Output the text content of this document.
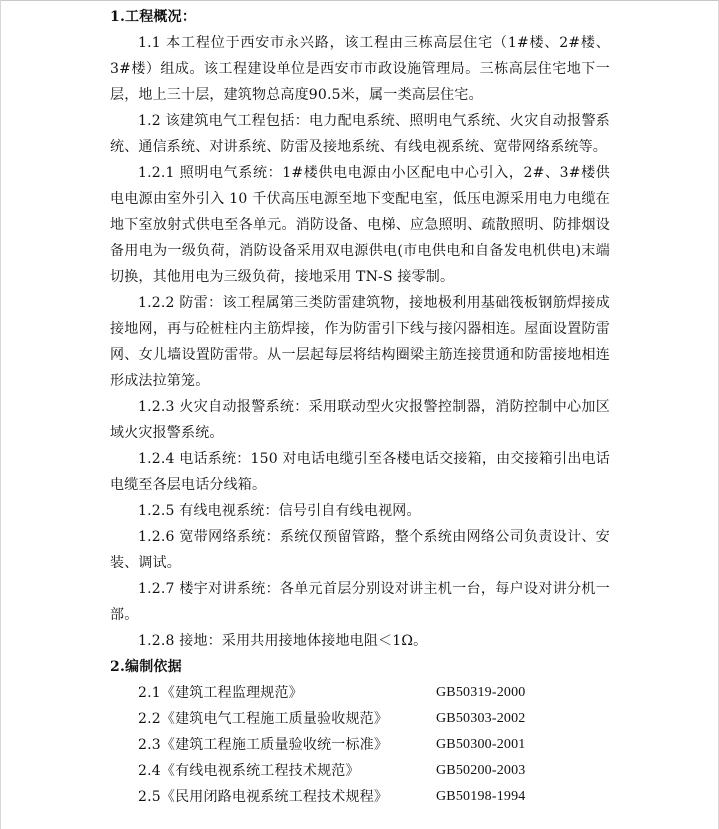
1.工程概况：

1.1 本工程位于西安市永兴路，该工程由三栋高层住宅（1#楼、2#楼、3#楼）组成。该工程建设单位是西安市市政设施管理局。三栋高层住宅地下一层，地上三十层，建筑物总高度90.5米，属一类高层住宅。

1.2 该建筑电气工程包括：电力配电系统、照明电气系统、火灾自动报警系统、通信系统、对讲系统、防雷及接地系统、有线电视系统、宽带网络系统等。

1.2.1 照明电气系统：1#楼供电电源由小区配电中心引入，2#、3#楼供电电源由室外引入 10 千伏高压电源至地下变配电室，低压电源采用电力电缆在地下室放射式供电至各单元。消防设备、电梯、应急照明、疏散照明、防排烟设备用电为一级负荷，消防设备采用双电源供电(市电供电和自备发电机供电)末端切换，其他用电为三级负荷，接地采用 TN-S 接零制。

1.2.2 防雷：该工程属第三类防雷建筑物，接地极利用基础筏板钢筋焊接成接地网，再与砼桩柱内主筋焊接，作为防雷引下线与接闪器相连。屋面设置防雷网、女儿墙设置防雷带。从一层起每层将结构圈梁主筋连接贯通和防雷接地相连形成法拉第笼。

1.2.3 火灾自动报警系统：采用联动型火灾报警控制器，消防控制中心加区域火灾报警系统。

1.2.4 电话系统：150 对电话电缆引至各楼电话交接箱，由交接箱引出电话电缆至各层电话分线箱。

1.2.5 有线电视系统：信号引自有线电视网。

1.2.6 宽带网络系统：系统仅预留管路，整个系统由网络公司负责设计、安装、调试。

1.2.7 楼宇对讲系统：各单元首层分别设对讲主机一台，每户设对讲分机一部。

1.2.8 接地：采用共用接地体接地电阻＜1Ω。

2.编制依据
2.1《建筑工程监理规范》	GB50319-2000
2.2《建筑电气工程施工质量验收规范》	GB50303-2002
2.3《建筑工程施工质量验收统一标准》	GB50300-2001
2.4《有线电视系统工程技术规范》	GB50200-2003
2.5《民用闭路电视系统工程技术规程》	GB50198-1994
